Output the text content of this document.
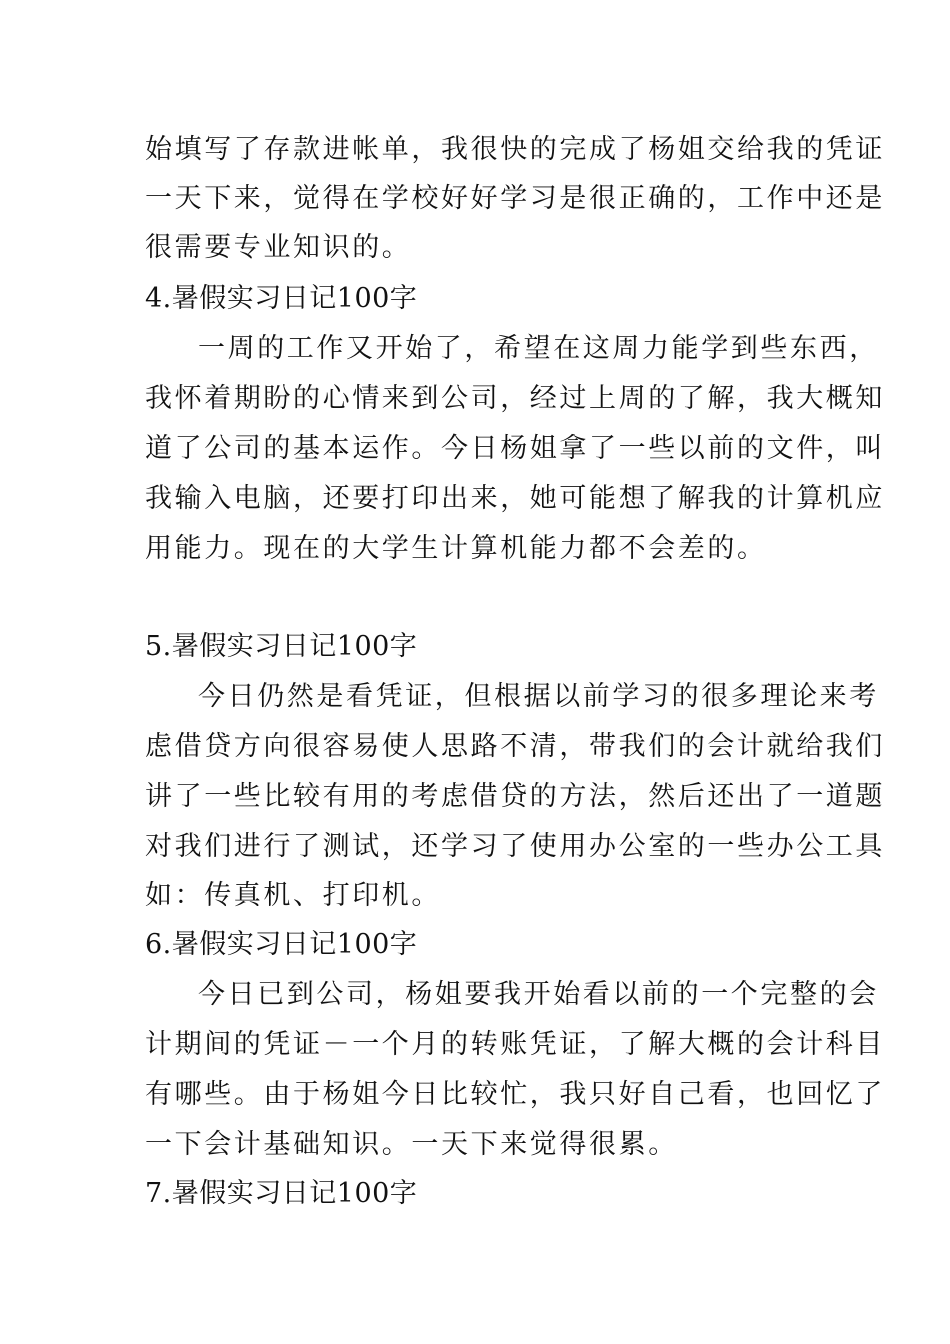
始填写了存款进帐单，我很快的完成了杨姐交给我的凭证
一天下来，觉得在学校好好学习是很正确的，工作中还是
很需要专业知识的。
4.暑假实习日记100字
一周的工作又开始了，希望在这周力能学到些东西，
我怀着期盼的心情来到公司，经过上周的了解，我大概知
道了公司的基本运作。今日杨姐拿了一些以前的文件，叫
我输入电脑，还要打印出来，她可能想了解我的计算机应
用能力。现在的大学生计算机能力都不会差的。
5.暑假实习日记100字
今日仍然是看凭证，但根据以前学习的很多理论来考
虑借贷方向很容易使人思路不清，带我们的会计就给我们
讲了一些比较有用的考虑借贷的方法，然后还出了一道题
对我们进行了测试，还学习了使用办公室的一些办公工具
如：传真机、打印机。
6.暑假实习日记100字
今日已到公司，杨姐要我开始看以前的一个完整的会
计期间的凭证－一个月的转账凭证，了解大概的会计科目
有哪些。由于杨姐今日比较忙，我只好自己看，也回忆了
一下会计基础知识。一天下来觉得很累。
7.暑假实习日记100字
